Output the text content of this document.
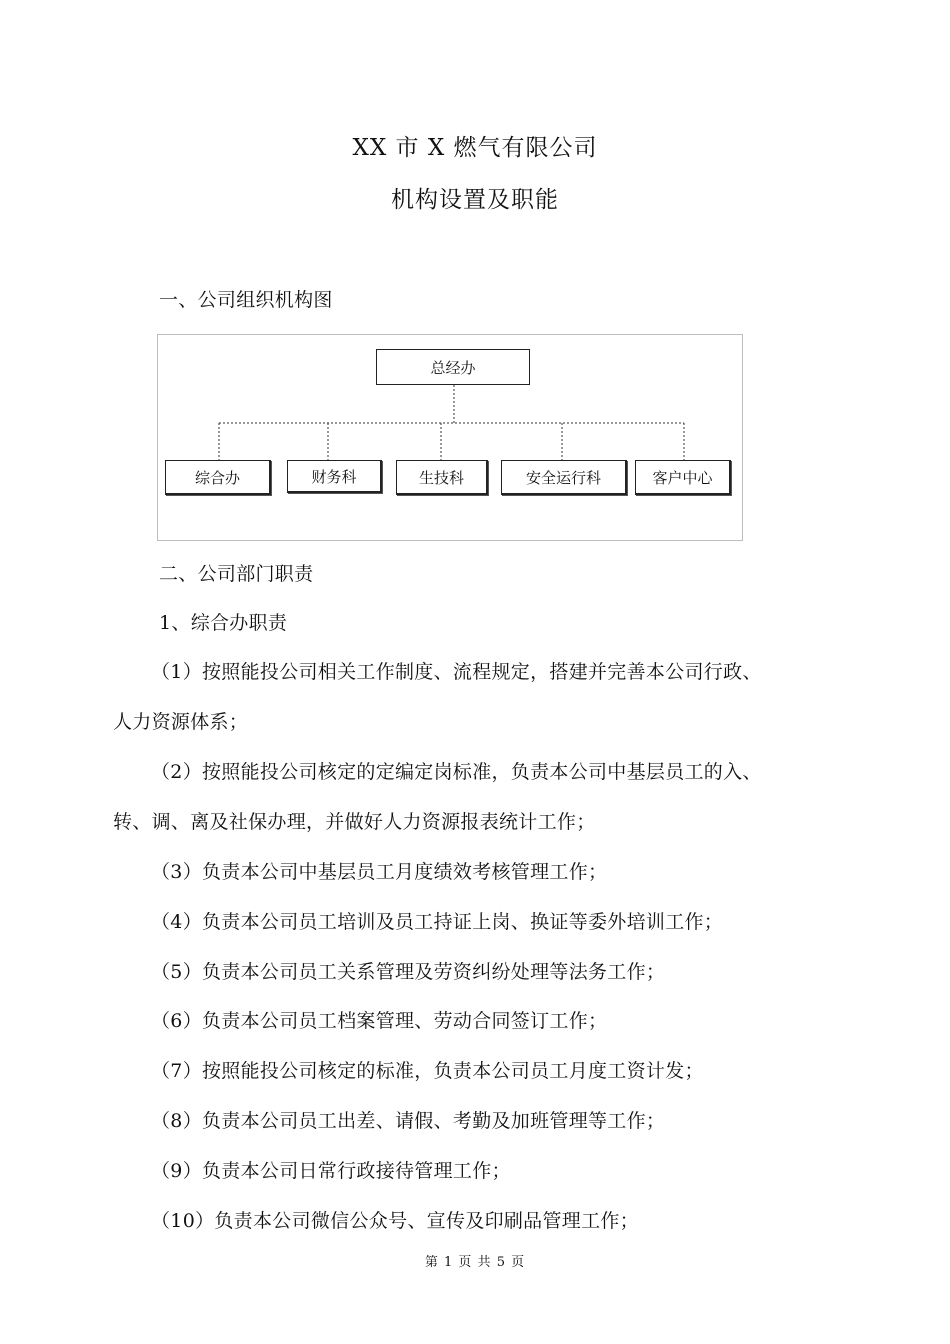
XX 市 X 燃气有限公司
机构设置及职能
一、公司组织机构图
总经办
综合办	财务科	生技科	安全运行科	客户中心
二、公司部门职责
1、综合办职责
（1）按照能投公司相关工作制度、流程规定，搭建并完善本公司行政、
人力资源体系；
（2）按照能投公司核定的定编定岗标准，负责本公司中基层员工的入、
转、调、离及社保办理，并做好人力资源报表统计工作；
（3）负责本公司中基层员工月度绩效考核管理工作；
（4）负责本公司员工培训及员工持证上岗、换证等委外培训工作；
（5）负责本公司员工关系管理及劳资纠纷处理等法务工作；
（6）负责本公司员工档案管理、劳动合同签订工作；
（7）按照能投公司核定的标准，负责本公司员工月度工资计发；
（8）负责本公司员工出差、请假、考勤及加班管理等工作；
（9）负责本公司日常行政接待管理工作；
（10）负责本公司微信公众号、宣传及印刷品管理工作；
第 1 页 共 5 页
